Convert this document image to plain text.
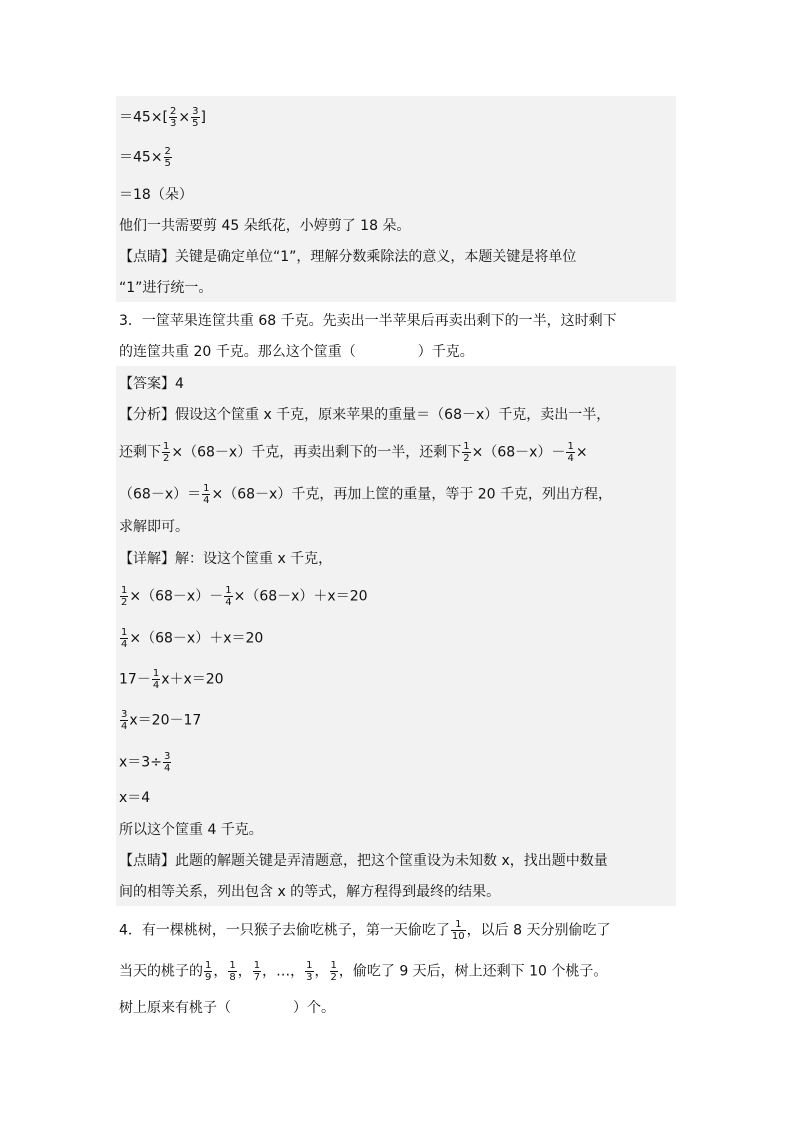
$=45\times[ \frac{2}{3} \times \frac{3}{5}$ ]
$=45\times \frac{2}{5}$
＝18（朵）
他们一共需要剪 45 朵纸花，小婷剪了 18 朵。
【点睛】关键是确定单位“1”，理解分数乘除法的意义，本题关键是将单位
“1”进行统一。
3．一筐苹果连筐共重 68 千克。先卖出一半苹果后再卖出剩下的一半，这时剩下
的连筐共重 20 千克。那么这个筐重（	）千克。
【答案】4
【分析】假设这个筐重 x 千克，原来苹果的重量＝（68－x）千克，卖出一半，
还剩下 $\frac{1}{2} \times(68-x)$千克，再卖出剩下的一半，还剩下 $\frac{1}{2} \times(68-x)- \frac{1}{4}$ ×
$(68-x)= \frac{1}{4} \times(68-x)$千克，再加上筐的重量，等于 20 千克，列出方程，
求解即可。
【详解】解：设这个筐重 x 千克，
$\frac{1}{2} \times(68-x)- \frac{1}{4} \times(68-x)+x=20$
$\frac{1}{4} \times(68-x)+x=20$
$17- \frac{1}{4} x+x=20$
$\frac{3}{4} x=20-17$
$x=3\div \frac{3}{4}$
x＝4
所以这个筐重 4 千克。
【点睛】此题的解题关键是弄清题意，把这个筐重设为未知数 x，找出题中数量
间的相等关系，列出包含 x 的等式，解方程得到最终的结果。
4．有一棵桃树，一只猴子去偷吃桃子，第一天偷吃了 $\frac{1}{10}$ ，以后 8 天分别偷吃了
当天的桃子的 $\frac{1}{9}$ ， $\frac{1}{8}$ ， $\frac{1}{7}$ ，…， $\frac{1}{3}$ ， $\frac{1}{2}$ ，偷吃了 9 天后，树上还剩下 10 个桃子。
树上原来有桃子（	）个。
